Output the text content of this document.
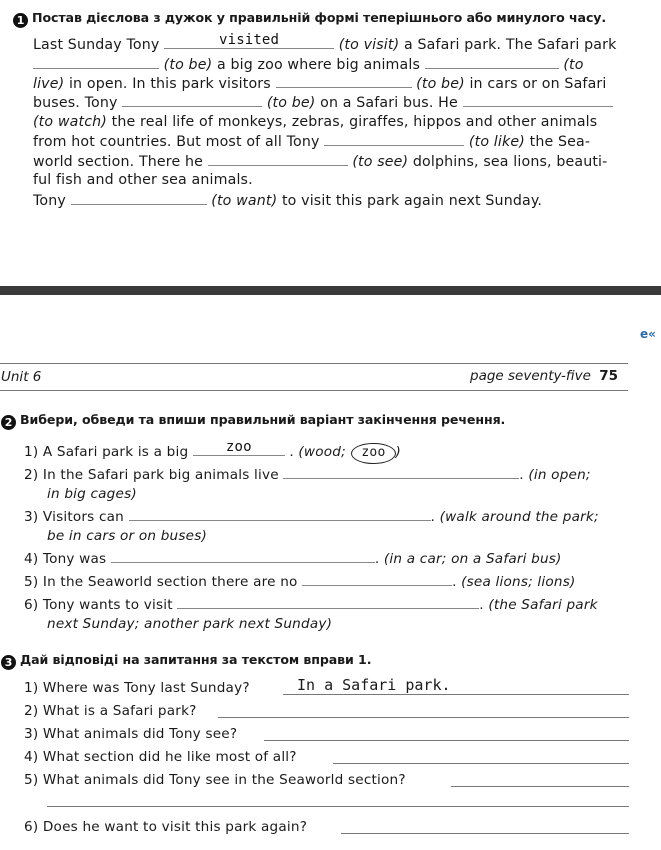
1 Постав дієслова з дужок у правильній формі теперішнього або минулого часу.
Last Sunday Tony	visited	(to visit) a Safari park. The Safari park
(to be) a big zoo where big animals	(to
live) in open. In this park visitors	(to be) in cars or on Safari
buses. Tony	(to be) on a Safari bus. He
(to watch) the real life of monkeys, zebras, giraffes, hippos and other animals
from hot countries. But most of all Tony	(to like) the Sea-
world section. There he	(to see) dolphins, sea lions, beauti-
ful fish and other sea animals.
Tony	(to want) to visit this park again next Sunday.
e«
Unit 6	page seventy-five 75
2 Вибери, обведи та впиши правильний варіант закінчення речення.
1) A Safari park is a big	zoo	. (wood; zoo )
2) In the Safari park big animals live	. (in open;
in big cages)
3) Visitors can	. (walk around the park;
be in cars or on buses)
4) Tony was	. (in a car; on a Safari bus)
5) In the Seaworld section there are no	. (sea lions; lions)
6) Tony wants to visit	. (the Safari park
next Sunday; another park next Sunday)
3 Дай відповіді на запитання за текстом вправи 1.
1) Where was Tony last Sunday?	In a Safari park.
2) What is a Safari park?
3) What animals did Tony see?
4) What section did he like most of all?
5) What animals did Tony see in the Seaworld section?
6) Does he want to visit this park again?
